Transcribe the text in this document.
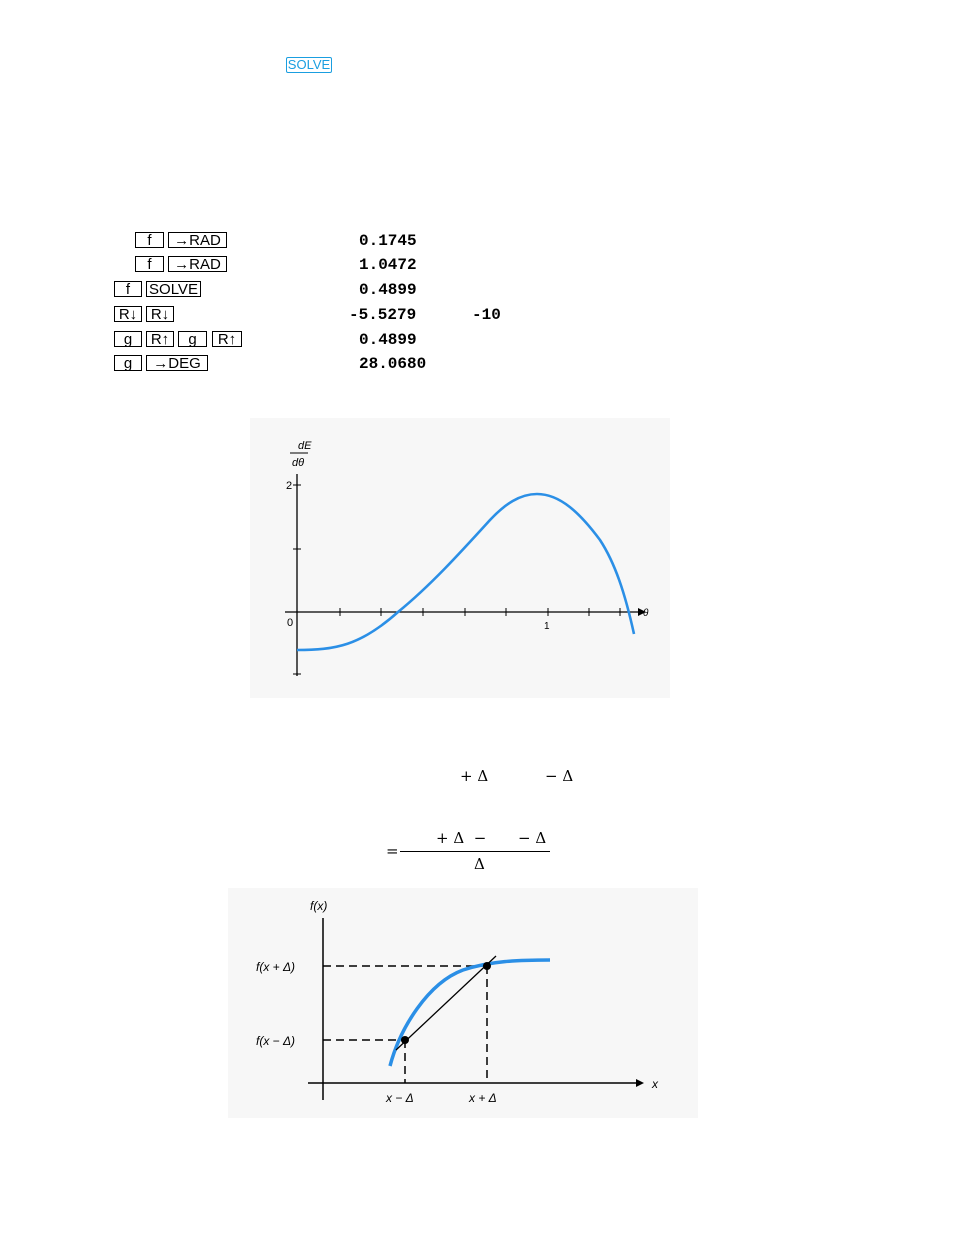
SOLVE
f	→RAD	0.1745
f	→RAD	1.0472
f	SOLVE	0.4899
R↓ R↓	-5.5279	-10
g	R↑	g	R↑	0.4899
g	→DEG	28.0680
dE
dθ
2
0	1
θ
+ Δ	− Δ
=
+ Δ  − − Δ
Δ
f(x)
x
f(x + Δ)
f(x − Δ)
x − Δ	x + Δ
